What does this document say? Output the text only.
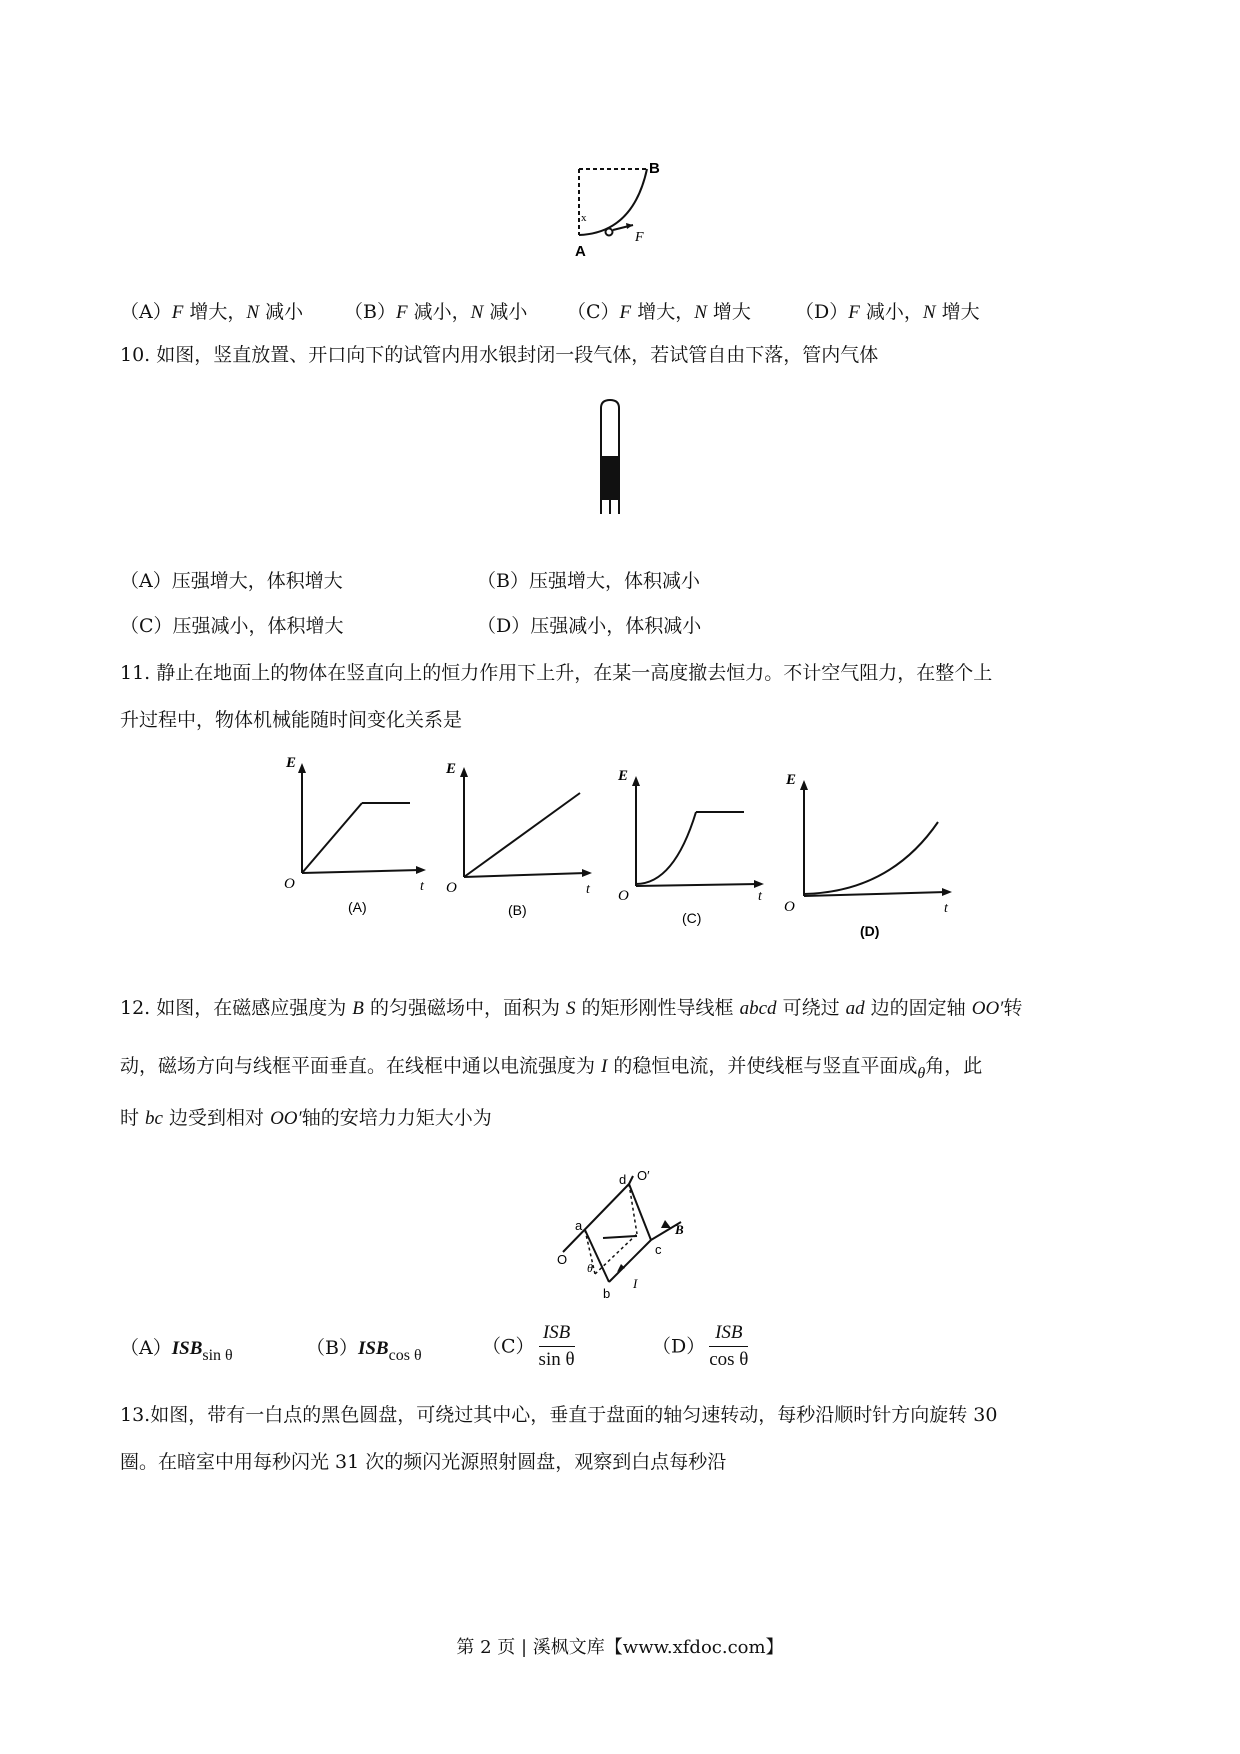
B
A
F
x
（A）F 增大，N 减小 （B）F 减小，N 减小 （C）F 增大，N 增大 （D）F 减小，N 增大
10. 如图，竖直放置、开口向下的试管内用水银封闭一段气体，若试管自由下落，管内气体
（A）压强增大，体积增大	（B）压强增大，体积减小
（C）压强减小，体积增大	（D）压强减小，体积减小
11. 静止在地面上的物体在竖直向上的恒力作用下上升，在某一高度撤去恒力。不计空气阻力，在整个上
升过程中，物体机械能随时间变化关系是
E
O	t
(A)
E
O	t
(B)
E
O	t
(C)
E
O	t
(D)
12. 如图，在磁感应强度为 B 的匀强磁场中，面积为 S 的矩形刚性导线框 abcd 可绕过 ad 边的固定轴 OO′转
动，磁场方向与线框平面垂直。在线框中通以电流强度为 I 的稳恒电流，并使线框与竖直平面成$_\theta$角，此
时 bc 边受到相对 OO′轴的安培力力矩大小为
d O′
a	B
c
O
θ
b
I
$(A)ISB_{sin \theta}$	$(B)ISB_{cos \theta}$	$(C) \frac{\text{ISB}}{\text{sin θ}}$	$(D) \frac{\text{ISB}}{\text{cos θ}}$
13.如图，带有一白点的黑色圆盘，可绕过其中心，垂直于盘面的轴匀速转动，每秒沿顺时针方向旋转 30
圈。在暗室中用每秒闪光 31 次的频闪光源照射圆盘，观察到白点每秒沿
第 2 页 | 溪枫文库【www.xfdoc.com】
